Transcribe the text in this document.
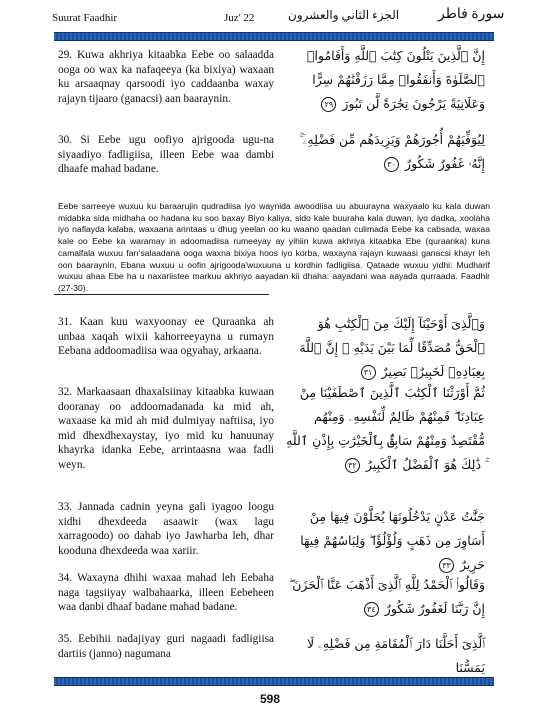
Suurat Faadhir	Juz' 22	الجزء الثاني والعشرون	سورة فاطر
29. Kuwa akhriya kitaabka Eebe oo salaadda ooga oo wax ka nafaqeeya (ka bixiya) waxaan ku arsaaqnay qarsoodi iyo caddaanba waxay rajayn tijaaro (ganacsi) aan baaraynin.
إِنَّ ٱلَّذِينَ يَتْلُونَ كِتَٰبَ ٱللَّهِ وَأَقَامُوا۟ ٱلصَّلَوٰةَ وَأَنفَقُوا۟ مِمَّا رَزَقْنَٰهُمْ سِرًّا وَعَلَانِيَةً يَرْجُونَ تِجَٰرَةً لَّن تَبُورَ ٢٩
30. Si Eebe ugu oofiyo ajrigooda ugu-na siyaadiyo fadligiisa, illeen Eebe waa dambi dhaafe mahad badane.
لِيُوَفِّيَهُمْ أُجُورَهُمْ وَيَزِيدَهُم مِّن فَضْلِهِۦٓ ۚ إِنَّهُۥ غَفُورٌ شَكُورٌ ٣٠
Eebe sarreeye wuxuu ku baraarujin qudradiisa iyo waynida awoodiisa uu abuurayna waxyaalo ku kala duwan midabka sida midhaha oo hadana ku soo baxay Biyo kaliya, sido kale buuraha kala duwan, iyo dadka, xoolaha iyo naflayda kalaba, waxaana arintaas u dhug yeelan oo ku waano qaadan culimada Eebe ka cabsada, waxaa kale oo Eebe ka waramay in adoomadiisa rumeeyay ay yihiin kuwa akhriya kitaabka Ebe (quraanka) kuna camalfala wuxuu farı'salaadana ooga waxna bixiya hoos iyo korba, waxayna rajayn kuwaasi ganacsi khayr leh oon baaraynin, Ebana wuxuu u oofin ajrigooda'wuxuuna u kordhin fadligiisa. Qataade wuxuu yidhi: Mudharif wuxuu ahaa Ebe ha u naxariistee markuu akhriyo aayadan kii dhaha: aayadani waa aayada qurraada. Faadhir (27-30).
31. Kaan kuu waxyoonay ee Quraanka ah unbaa xaqah wixii kahorreeyayna u rumayn Eebana addoomadiisa waa ogyahay, arkaana.
وَٱلَّذِىٓ أَوْحَيْنَآ إِلَيْكَ مِنَ ٱلْكِتَٰبِ هُوَ ٱلْحَقُّ مُصَدِّقًا لِّمَا بَيْنَ يَدَيْهِ ۗ إِنَّ ٱللَّهَ بِعِبَادِهِۦ لَخَبِيرٌۢ بَصِيرٌ ٣١
32. Markaasaan dhaxalsiinay kitaabka kuwaan dooranay oo addoomadanada ka mid ah, waxaase ka mid ah mid dulmiyay naftiisa, iyo mid dhexdhexaystay, iyo mid ku hanuunay khayrka idanka Eebe, arrintaasna waa fadli weyn.
ثُمَّ أَوْرَثْنَا ٱلْكِتَٰبَ ٱلَّذِينَ ٱصْطَفَيْنَا مِنْ عِبَادِنَا ۖ فَمِنْهُمْ ظَالِمٌ لِّنَفْسِهِۦ وَمِنْهُم مُّقْتَصِدٌ وَمِنْهُمْ سَابِقٌۢ بِٱلْخَيْرَٰتِ بِإِذْنِ ٱللَّهِ ۚ ذَٰلِكَ هُوَ ٱلْفَضْلُ ٱلْكَبِيرُ ٣٢
33. Jannada cadnin yeyna gali iyagoo loogu xidhi dhexdeeda asaawir (wax lagu xarragoodo) oo dahab iyo Jawharba leh, dhar kooduna dhexdeeda waa xariir.
جَنَّٰتُ عَدْنٍ يَدْخُلُونَهَا يُحَلَّوْنَ فِيهَا مِنْ أَسَاوِرَ مِن ذَهَبٍ وَلُؤْلُؤًا ۖ وَلِبَاسُهُمْ فِيهَا حَرِيرٌ ٣٣
34. Waxayna dhihi waxaa mahad leh Eebaha naga tagsiiyay walbahaarka, illeen Eebeheen waa danbi dhaaf badane mahad badane.
وَقَالُوا۟ ٱلْحَمْدُ لِلَّهِ ٱلَّذِىٓ أَذْهَبَ عَنَّا ٱلْحَزَنَ ۖ إِنَّ رَبَّنَا لَغَفُورٌ شَكُورٌ ٣٤
35. Eebihii nadajiyay guri nagaadi fadligiisa dartiis (janno) nagumana
ٱلَّذِىٓ أَحَلَّنَا دَارَ ٱلْمُقَامَةِ مِن فَضْلِهِۦ لَا يَمَسُّنَا
598
